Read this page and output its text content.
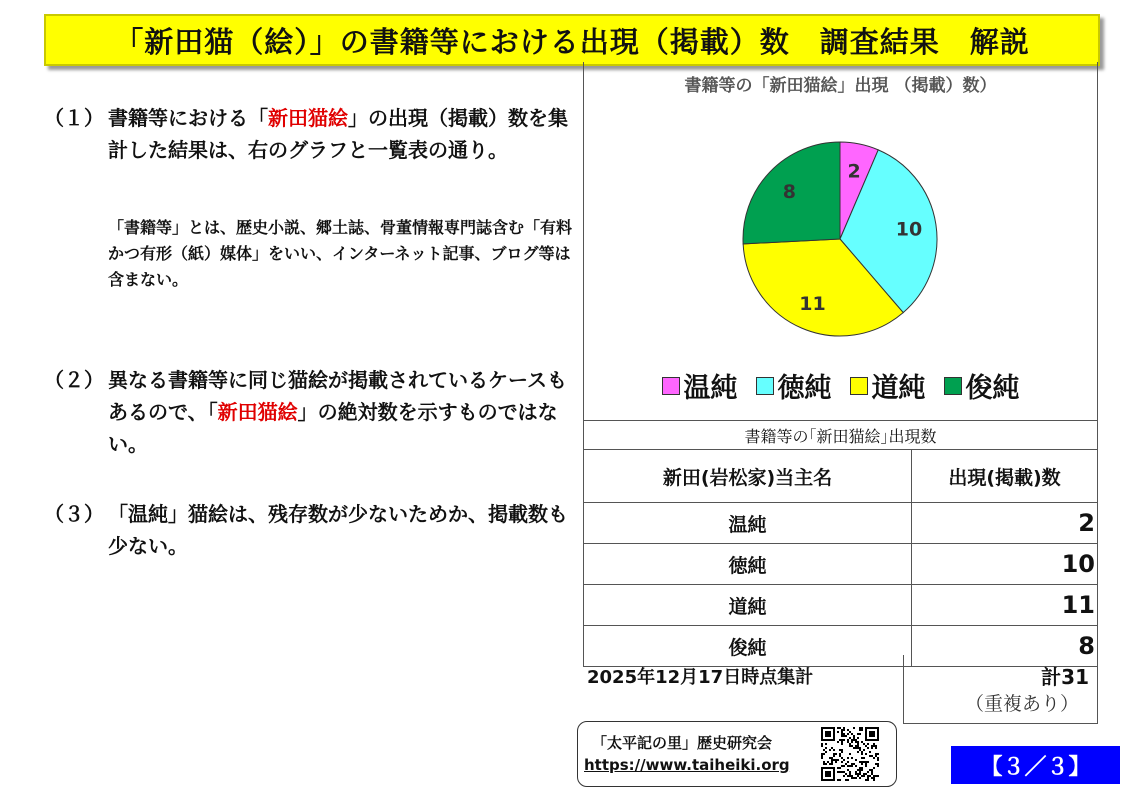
「新田猫（絵）」の書籍等における出現（掲載）数　調査結果　解説
（１） 書籍等における「新田猫絵」の出現（掲載）数を集計した結果は、右のグラフと一覧表の通り。
「書籍等」とは、歴史小説、郷土誌、骨董情報専門誌含む「有料かつ有形（紙）媒体」をいい、インターネット記事、ブログ等は含まない。
（２） 異なる書籍等に同じ猫絵が掲載されているケースもあるので、「新田猫絵」の絶対数を示すものではない。
（３） 「温純」猫絵は、残存数が少ないためか、掲載数も少ない。
書籍等の「新田猫絵」出現 （掲載）数）
2
10
11
8
温純 徳純 道純 俊純
書籍等の｢新田猫絵｣出現数	
新田(岩松家)当主名	出現(掲載)数
温純	2
徳純	10
道純	11
俊純	8
2025年12月17日時点集計	計31
（重複あり）
「太平記の里」歴史研究会
https://www.taiheiki.org	【３／３】
